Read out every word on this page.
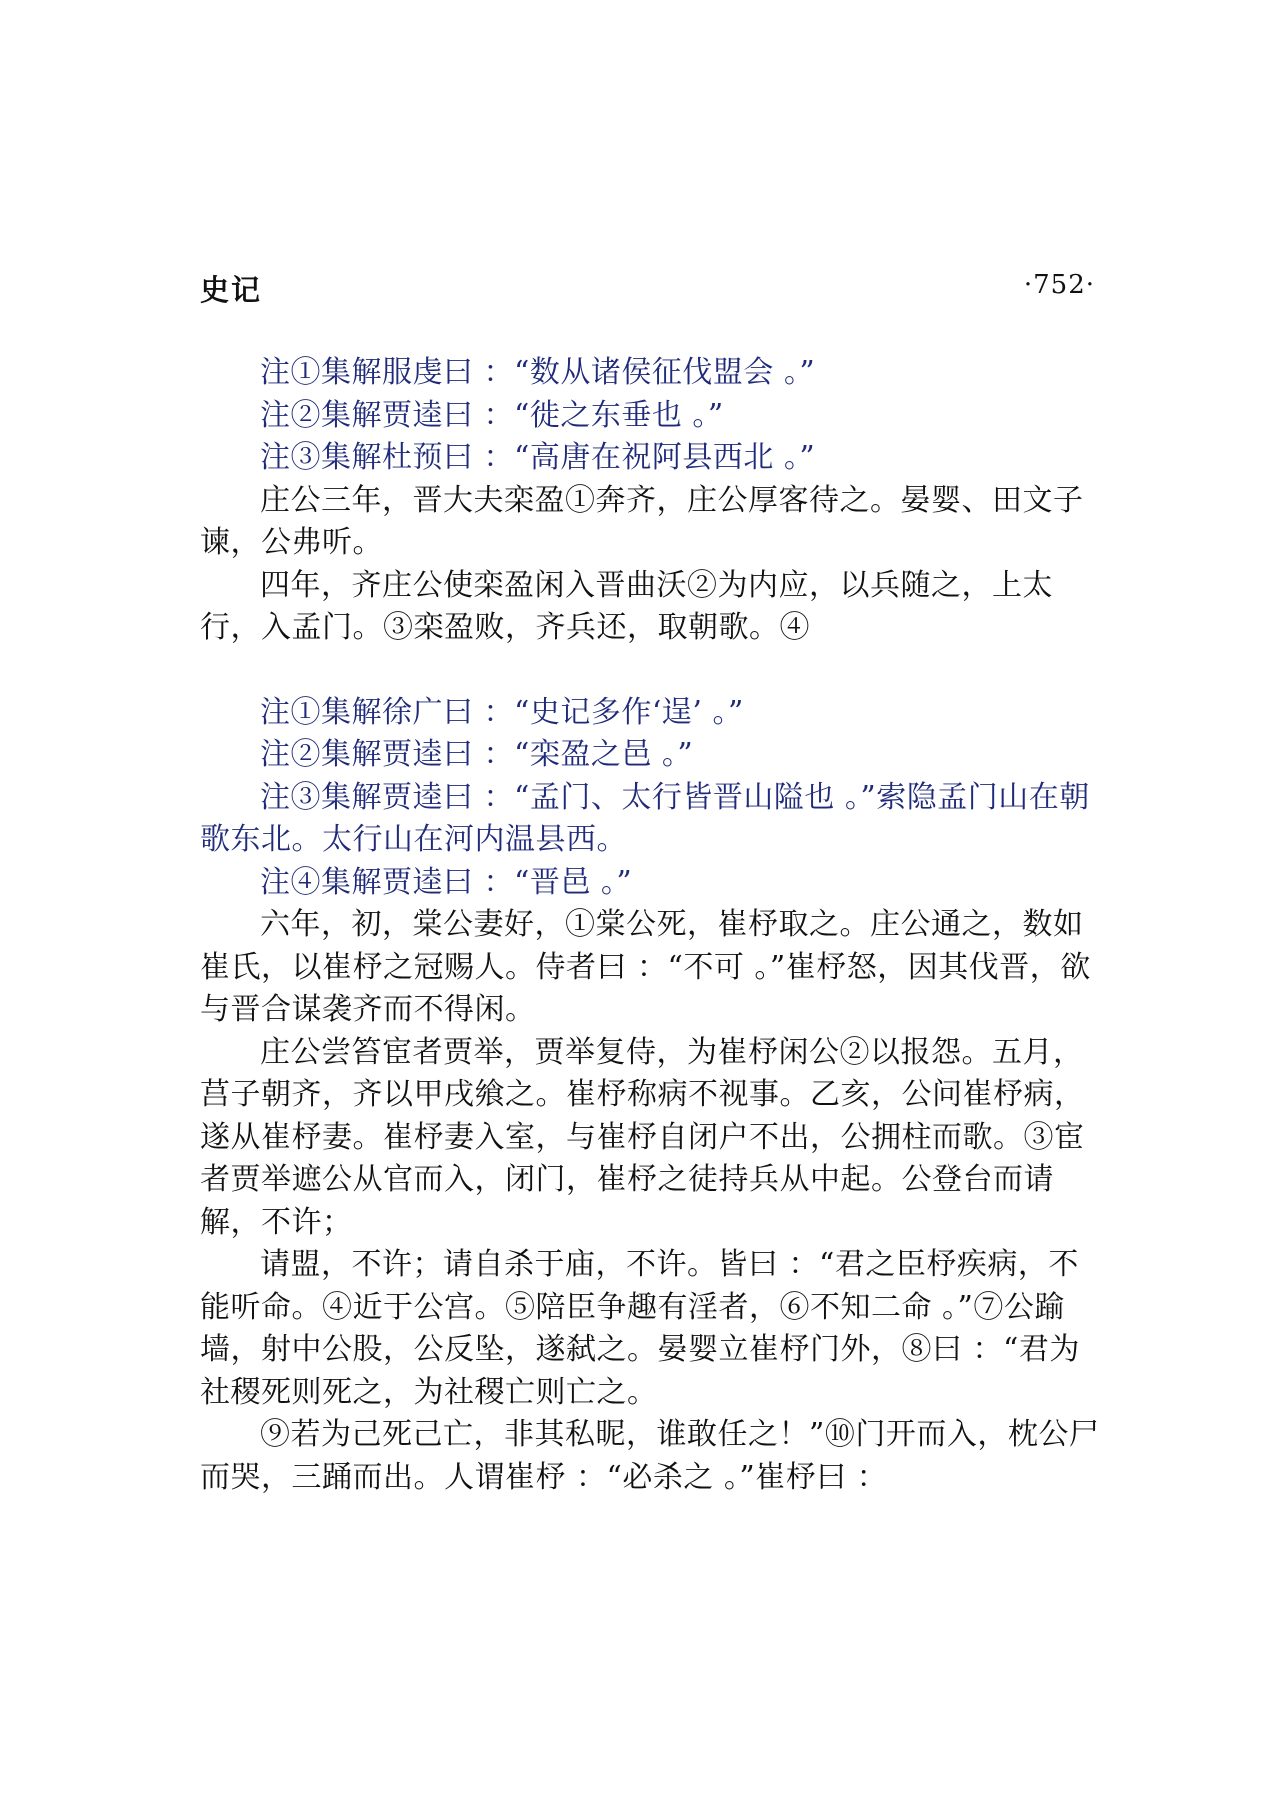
史记	·752·

注①集解服虔曰 ：“数从诸侯征伐盟会 。”

注②集解贾逵曰 ：“徙之东垂也 。”

注③集解杜预曰 ：“高唐在祝阿县西北 。”

庄公三年，晋大夫栾盈①奔齐，庄公厚客待之。晏婴、田文子谏，公弗听。

四年，齐庄公使栾盈闲入晋曲沃②为内应，以兵随之，上太行，入孟门。③栾盈败，齐兵还，取朝歌。④

注①集解徐广曰 ：“史记多作‘逞’ 。”

注②集解贾逵曰 ：“栾盈之邑 。”

注③集解贾逵曰 ：“孟门、太行皆晋山隘也 。”索隐孟门山在朝歌东北。太行山在河内温县西。

注④集解贾逵曰 ：“晋邑 。”

六年，初，棠公妻好，①棠公死，崔杼取之。庄公通之，数如崔氏，以崔杼之冠赐人。侍者曰 ：“不可 。”崔杼怒，因其伐晋，欲与晋合谋袭齐而不得闲。

庄公尝笞宦者贾举，贾举复侍，为崔杼闲公②以报怨。五月，莒子朝齐，齐以甲戌飨之。崔杼称病不视事。乙亥，公问崔杼病，遂从崔杼妻。崔杼妻入室，与崔杼自闭户不出，公拥柱而歌。③宦者贾举遮公从官而入，闭门，崔杼之徒持兵从中起。公登台而请解，不许；

请盟，不许；请自杀于庙，不许。皆曰 ：“君之臣杼疾病，不能听命。④近于公宫。⑤陪臣争趣有淫者，⑥不知二命 。”⑦公踰墙，射中公股，公反坠，遂弑之。晏婴立崔杼门外，⑧曰 ：“君为社稷死则死之，为社稷亡则亡之。

⑨若为己死己亡，非其私昵，谁敢任之！”⑩门开而入，枕公尸而哭，三踊而出。人谓崔杼 ：“必杀之 。”崔杼曰 ：
